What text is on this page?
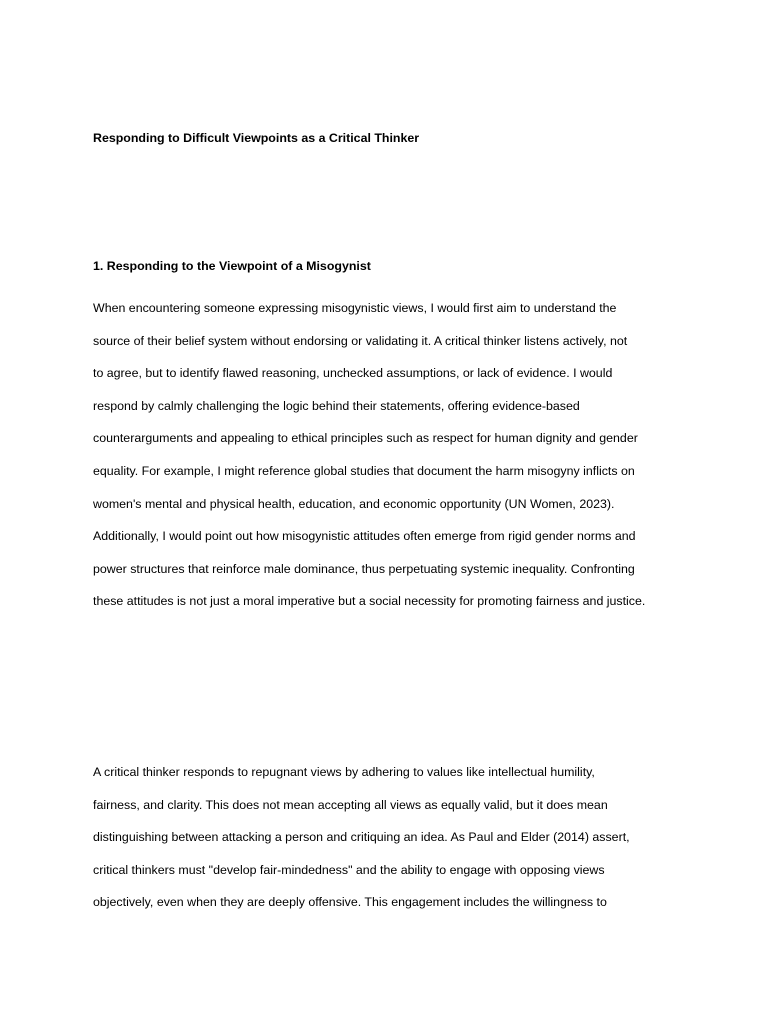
Responding to Difficult Viewpoints as a Critical Thinker
1. Responding to the Viewpoint of a Misogynist

When encountering someone expressing misogynistic views, I would first aim to understand the
source of their belief system without endorsing or validating it. A critical thinker listens actively, not
to agree, but to identify flawed reasoning, unchecked assumptions, or lack of evidence. I would
respond by calmly challenging the logic behind their statements, offering evidence-based
counterarguments and appealing to ethical principles such as respect for human dignity and gender
equality. For example, I might reference global studies that document the harm misogyny inflicts on
women's mental and physical health, education, and economic opportunity (UN Women, 2023).
Additionally, I would point out how misogynistic attitudes often emerge from rigid gender norms and
power structures that reinforce male dominance, thus perpetuating systemic inequality. Confronting
these attitudes is not just a moral imperative but a social necessity for promoting fairness and justice.

A critical thinker responds to repugnant views by adhering to values like intellectual humility,
fairness, and clarity. This does not mean accepting all views as equally valid, but it does mean
distinguishing between attacking a person and critiquing an idea. As Paul and Elder (2014) assert,
critical thinkers must "develop fair-mindedness" and the ability to engage with opposing views
objectively, even when they are deeply offensive. This engagement includes the willingness to
